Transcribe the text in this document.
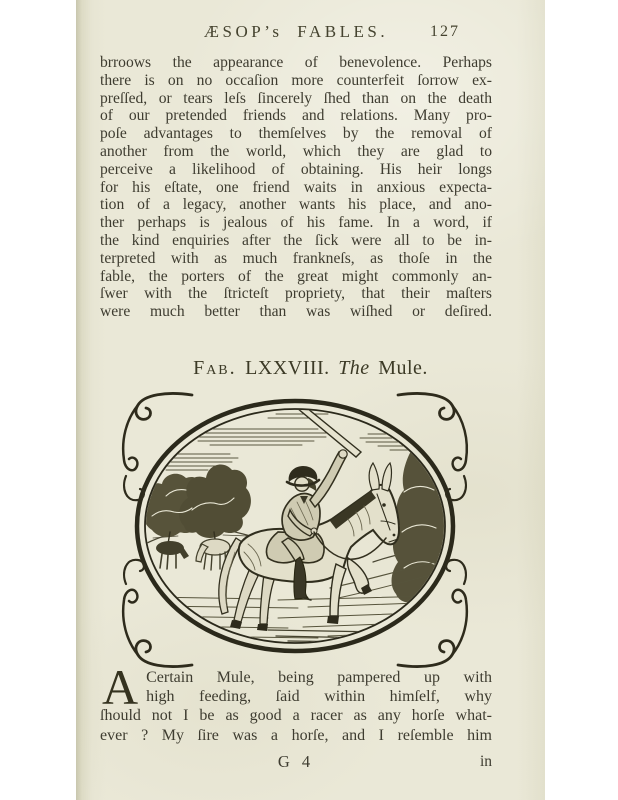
ÆSOP’s FABLES.	127
brroows the appearance of benevolence. Perhaps
there is on no occaſion more counterfeit ſorrow ex-
preſſed, or tears leſs ſincerely ſhed than on the death
of our pretended friends and relations. Many pro-
poſe advantages to themſelves by the removal of
another from the world, which they are glad to
perceive a likelihood of obtaining. His heir longs
for his eſtate, one friend waits in anxious expecta-
tion of a legacy, another wants his place, and ano-
ther perhaps is jealous of his fame. In a word, if
the kind enquiries after the ſick were all to be in-
terpreted with as much frankneſs, as thoſe in the
fable, the porters of the great might commonly an-
ſwer with the ſtricteſt propriety, that their maſters
were much better than was wiſhed or deſired.
Fab. LXXVIII. The Mule.
A Certain Mule, being pampered up with
high feeding, ſaid within himſelf, why
ſhould not I be as good a racer as any horſe what-
ever ? My ſire was a horſe, and I reſemble him
G 4	in
